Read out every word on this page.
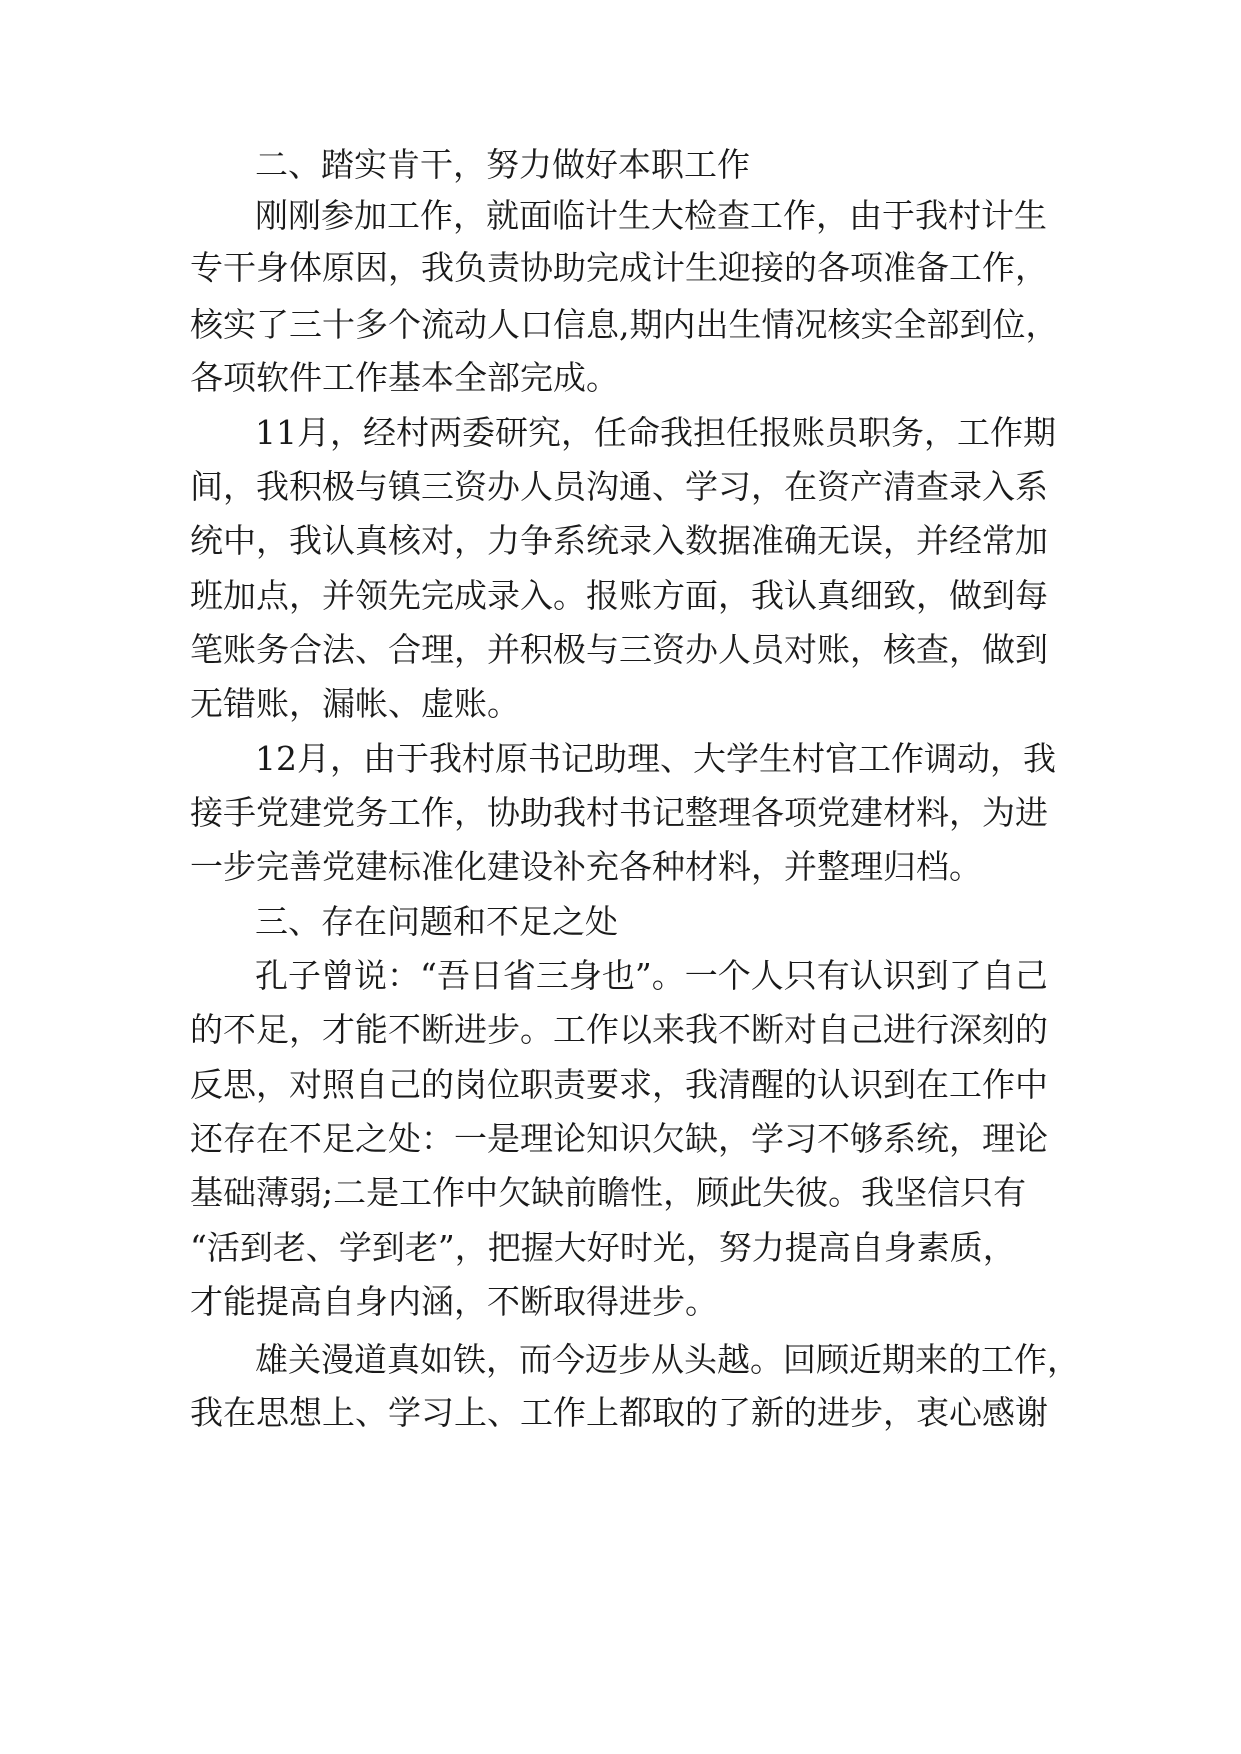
二、踏实肯干，努力做好本职工作
刚刚参加工作，就面临计生大检查工作，由于我村计生
专干身体原因，我负责协助完成计生迎接的各项准备工作，
核实了三十多个流动人口信息,期内出生情况核实全部到位，
各项软件工作基本全部完成。
11月，经村两委研究，任命我担任报账员职务，工作期
间，我积极与镇三资办人员沟通、学习，在资产清查录入系
统中，我认真核对，力争系统录入数据准确无误，并经常加
班加点，并领先完成录入。报账方面，我认真细致，做到每
笔账务合法、合理，并积极与三资办人员对账，核查，做到
无错账，漏帐、虚账。
12月，由于我村原书记助理、大学生村官工作调动，我
接手党建党务工作，协助我村书记整理各项党建材料，为进
一步完善党建标准化建设补充各种材料，并整理归档。
三、存在问题和不足之处
孔子曾说：“吾日省三身也”。一个人只有认识到了自己
的不足，才能不断进步。工作以来我不断对自己进行深刻的
反思，对照自己的岗位职责要求，我清醒的认识到在工作中
还存在不足之处：一是理论知识欠缺，学习不够系统，理论
基础薄弱;二是工作中欠缺前瞻性，顾此失彼。我坚信只有
“活到老、学到老”，把握大好时光，努力提高自身素质，
才能提高自身内涵，不断取得进步。
雄关漫道真如铁，而今迈步从头越。回顾近期来的工作，
我在思想上、学习上、工作上都取的了新的进步，衷心感谢
